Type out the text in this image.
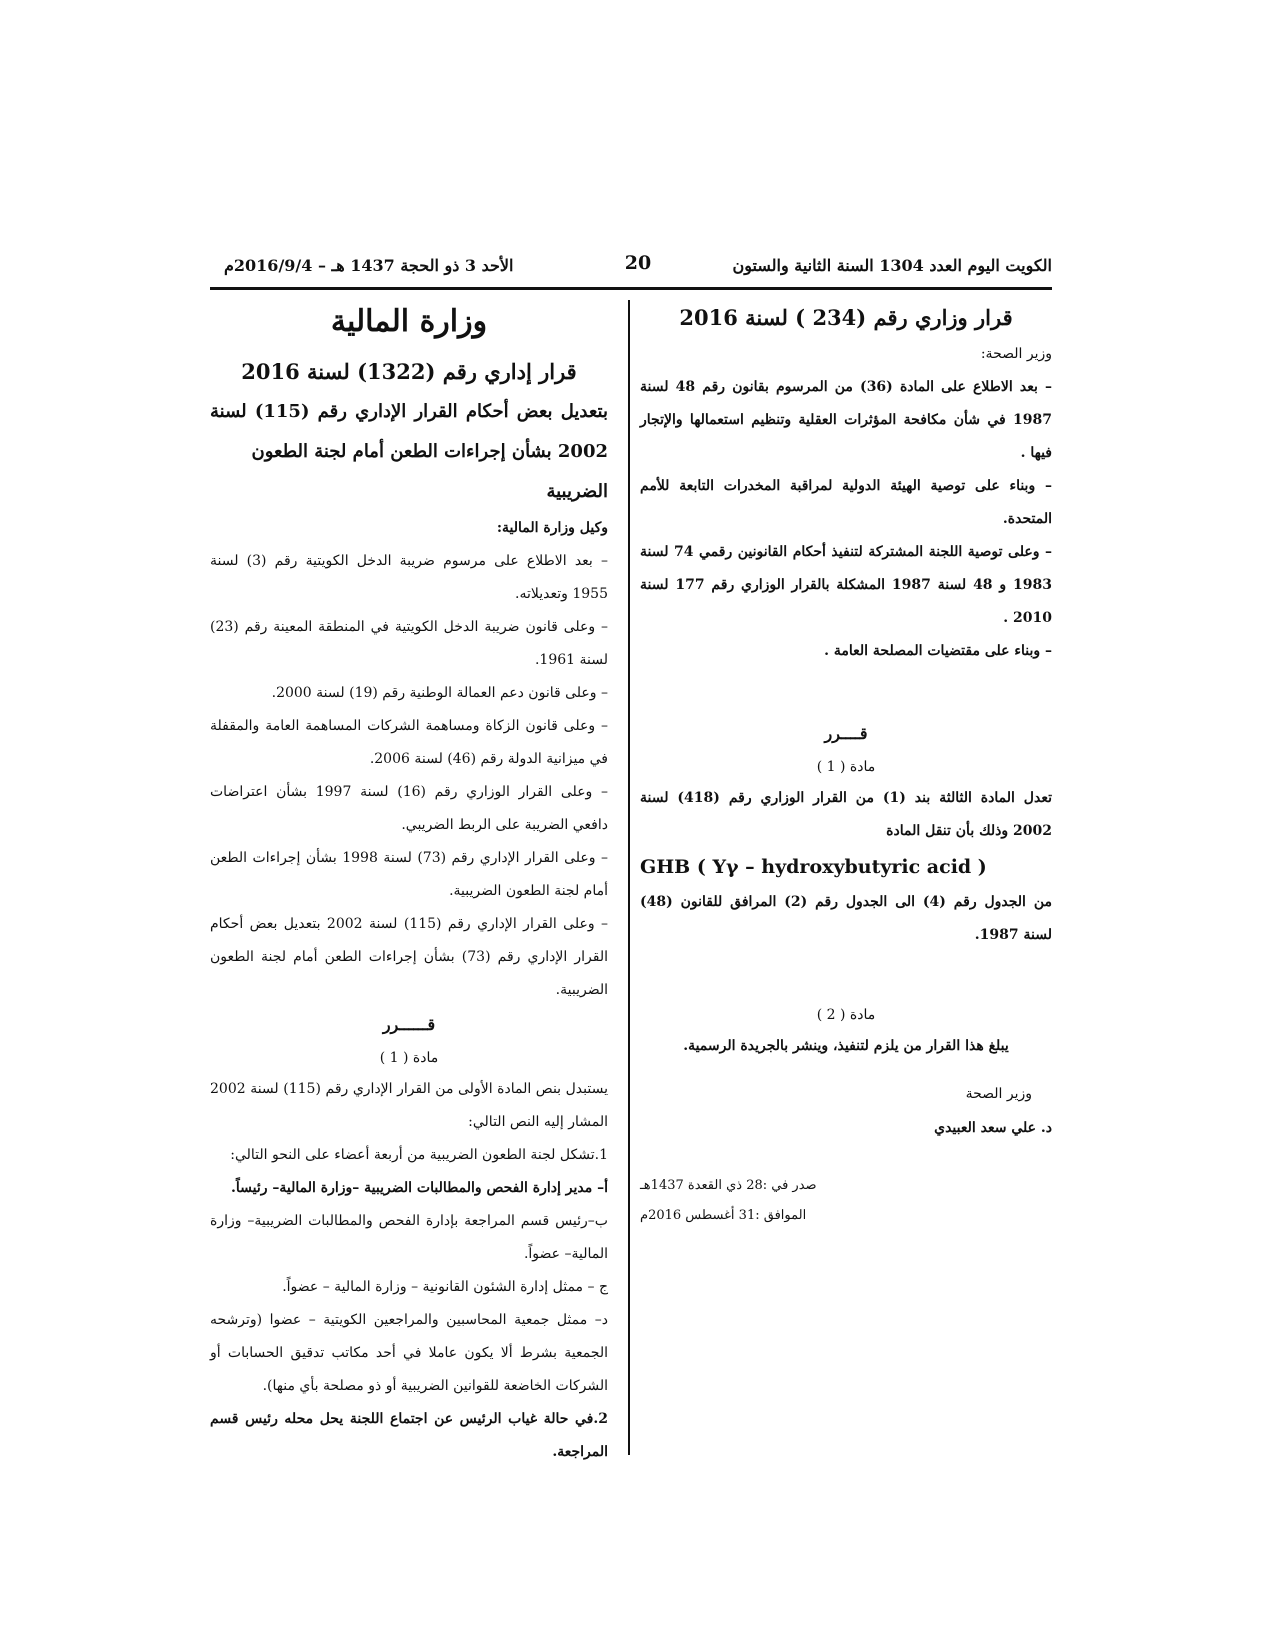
الكويت اليوم العدد 1304 السنة الثانية والستون
20
الأحد 3 ذو الحجة 1437 هـ – 2016/9/4م

قرار وزاري رقم (234 ) لسنة 2016

وزير الصحة:

– بعد الاطلاع على المادة (36) من المرسوم بقانون رقم 48 لسنة 1987 في شأن مكافحة المؤثرات العقلية وتنظيم استعمالها والإتجار فيها .

– وبناء على توصية الهيئة الدولية لمراقبة المخدرات التابعة للأمم المتحدة.

– وعلى توصية اللجنة المشتركة لتنفيذ أحكام القانونين رقمي 74 لسنة 1983 و 48 لسنة 1987 المشكلة بالقرار الوزاري رقم 177 لسنة 2010 .

– وبناء على مقتضيات المصلحة العامة .

قــــرر

مادة ( 1 )

تعدل المادة الثالثة بند (1) من القرار الوزاري رقم (418) لسنة 2002 وذلك بأن تنقل المادة

GHB ( Yγ – hydroxybutyric acid )

من الجدول رقم (4) الى الجدول رقم (2) المرافق للقانون (48) لسنة 1987.

مادة ( 2 )

يبلغ هذا القرار من يلزم لتنفيذ، وينشر بالجريدة الرسمية.

وزير الصحة

د. علي سعد العبيدي

صدر في :28 ذي القعدة 1437هـ

الموافق :31 أغسطس 2016م

وزارة المالية

قرار إداري رقم (1322) لسنة 2016

بتعديل بعض أحكام القرار الإداري رقم (115) لسنة

2002 بشأن إجراءات الطعن أمام لجنة الطعون الضريبية

وكيل وزارة المالية:

– بعد الاطلاع على مرسوم ضريبة الدخل الكويتية رقم (3) لسنة 1955 وتعديلاته.

– وعلى قانون ضريبة الدخل الكويتية في المنطقة المعينة رقم (23) لسنة 1961.

– وعلى قانون دعم العمالة الوطنية رقم (19) لسنة 2000.

– وعلى قانون الزكاة ومساهمة الشركات المساهمة العامة والمقفلة في ميزانية الدولة رقم (46) لسنة 2006.

– وعلى القرار الوزاري رقم (16) لسنة 1997 بشأن اعتراضات دافعي الضريبة على الربط الضريبي.

– وعلى القرار الإداري رقم (73) لسنة 1998 بشأن إجراءات الطعن أمام لجنة الطعون الضريبية.

– وعلى القرار الإداري رقم (115) لسنة 2002 بتعديل بعض أحكام القرار الإداري رقم (73) بشأن إجراءات الطعن أمام لجنة الطعون الضريبية.

قــــــرر

مادة ( 1 )

يستبدل بنص المادة الأولى من القرار الإداري رقم (115) لسنة 2002 المشار إليه النص التالي:

1.تشكل لجنة الطعون الضريبية من أربعة أعضاء على النحو التالي:

أ– مدير إدارة الفحص والمطالبات الضريبية –وزارة المالية– رئيساً.

ب–رئيس قسم المراجعة بإدارة الفحص والمطالبات الضريبية– وزارة المالية– عضواً.

ج – ممثل إدارة الشئون القانونية – وزارة المالية – عضواً.

د– ممثل جمعية المحاسبين والمراجعين الكويتية – عضوا (وترشحه الجمعية بشرط ألا يكون عاملا في أحد مكاتب تدقيق الحسابات أو الشركات الخاضعة للقوانين الضريبية أو ذو مصلحة بأي منها).

2.في حالة غياب الرئيس عن اجتماع اللجنة يحل محله رئيس قسم المراجعة.
